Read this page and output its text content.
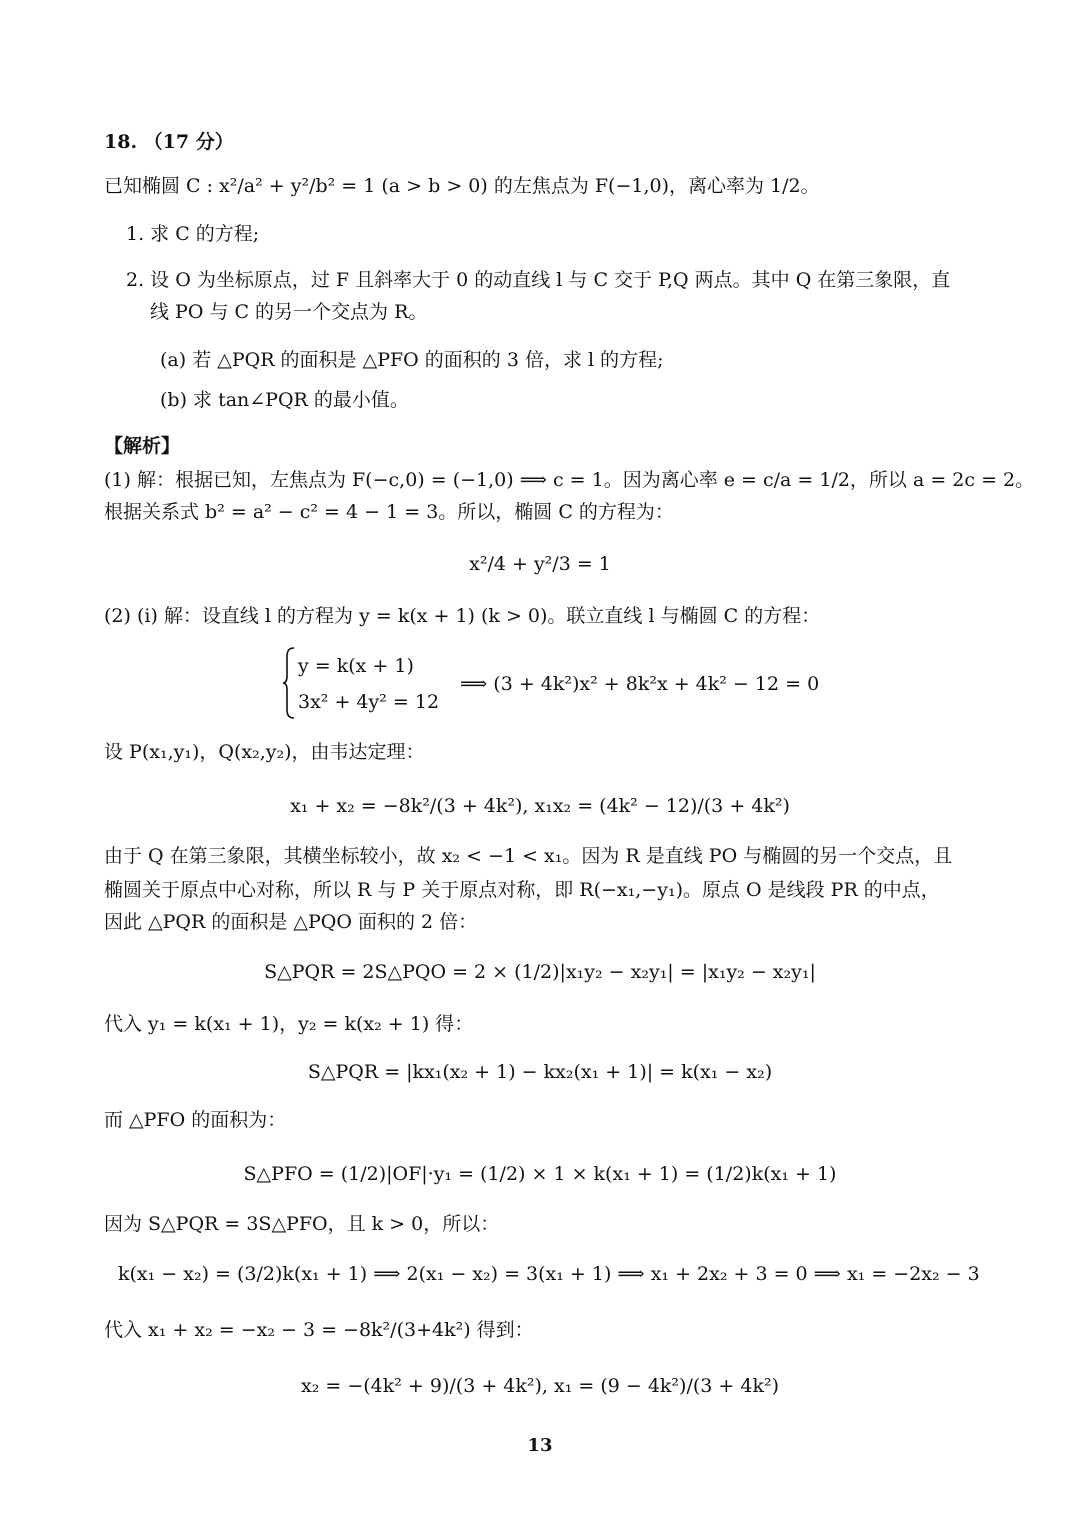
18. （17 分）
已知椭圆 C : x²/a² + y²/b² = 1 (a > b > 0) 的左焦点为 F(−1,0)，离心率为 1/2。
1. 求 C 的方程;
2. 设 O 为坐标原点，过 F 且斜率大于 0 的动直线 l 与 C 交于 P,Q 两点。其中 Q 在第三象限，直
线 PO 与 C 的另一个交点为 R。
(a) 若 △PQR 的面积是 △PFO 的面积的 3 倍，求 l 的方程;
(b) 求 tan∠PQR 的最小值。
【解析】
(1) 解：根据已知，左焦点为 F(−c,0) = (−1,0) ⟹ c = 1。因为离心率 e = c/a = 1/2，所以 a = 2c = 2。
根据关系式 b² = a² − c² = 4 − 1 = 3。所以，椭圆 C 的方程为：
x²/4 + y²/3 = 1
(2) (i) 解：设直线 l 的方程为 y = k(x + 1) (k > 0)。联立直线 l 与椭圆 C 的方程：
y = k(x + 1)
3x² + 4y² = 12
⟹ (3 + 4k²)x² + 8k²x + 4k² − 12 = 0
设 P(x₁,y₁)，Q(x₂,y₂)，由韦达定理：
x₁ + x₂ = −8k²/(3 + 4k²), x₁x₂ = (4k² − 12)/(3 + 4k²)
由于 Q 在第三象限，其横坐标较小，故 x₂ < −1 < x₁。因为 R 是直线 PO 与椭圆的另一个交点，且
椭圆关于原点中心对称，所以 R 与 P 关于原点对称，即 R(−x₁,−y₁)。原点 O 是线段 PR 的中点，
因此 △PQR 的面积是 △PQO 面积的 2 倍：
S△PQR = 2S△PQO = 2 × (1/2)|x₁y₂ − x₂y₁| = |x₁y₂ − x₂y₁|
代入 y₁ = k(x₁ + 1)，y₂ = k(x₂ + 1) 得：
S△PQR = |kx₁(x₂ + 1) − kx₂(x₁ + 1)| = k(x₁ − x₂)
而 △PFO 的面积为：
S△PFO = (1/2)|OF|·y₁ = (1/2) × 1 × k(x₁ + 1) = (1/2)k(x₁ + 1)
因为 S△PQR = 3S△PFO，且 k > 0，所以：
k(x₁ − x₂) = (3/2)k(x₁ + 1) ⟹ 2(x₁ − x₂) = 3(x₁ + 1) ⟹ x₁ + 2x₂ + 3 = 0 ⟹ x₁ = −2x₂ − 3
代入 x₁ + x₂ = −x₂ − 3 = −8k²/(3+4k²) 得到：
x₂ = −(4k² + 9)/(3 + 4k²), x₁ = (9 − 4k²)/(3 + 4k²)
13
